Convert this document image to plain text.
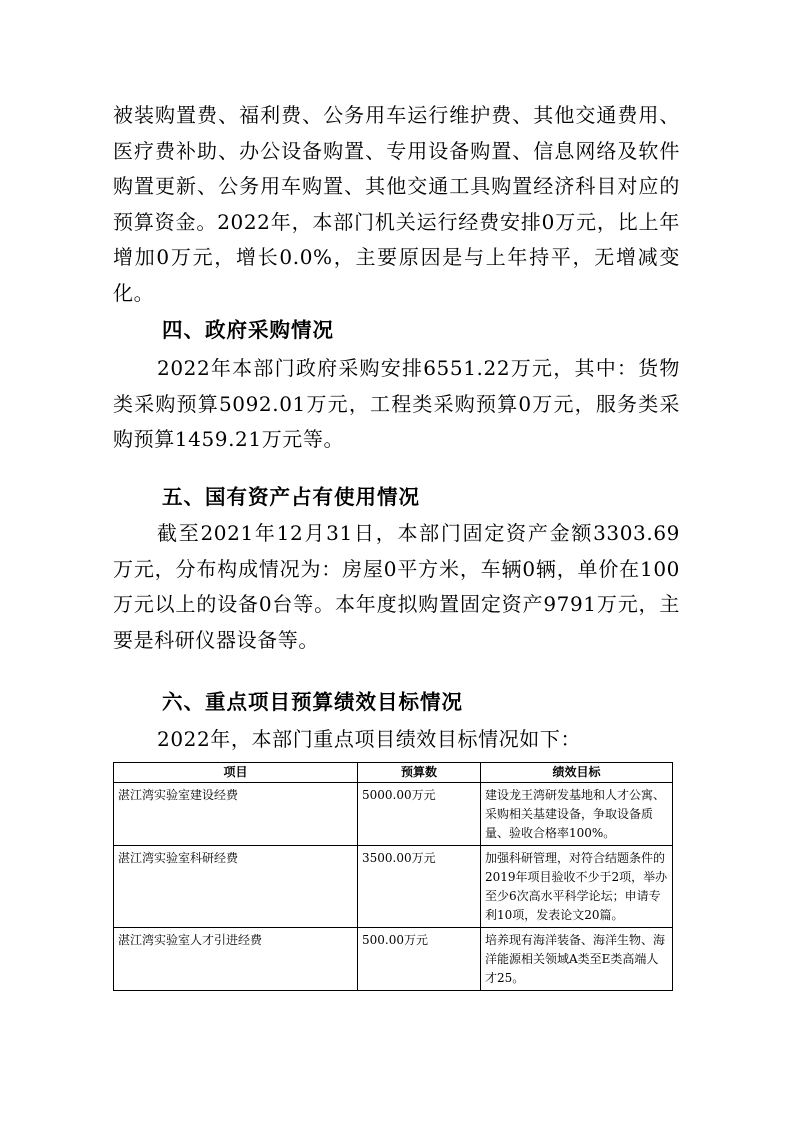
被装购置费、福利费、公务用车运行维护费、其他交通费用、医疗费补助、办公设备购置、专用设备购置、信息网络及软件购置更新、公务用车购置、其他交通工具购置经济科目对应的预算资金。2022年，本部门机关运行经费安排0万元，比上年增加0万元，增长0.0%，主要原因是与上年持平，无增减变化。

四、政府采购情况

2022年本部门政府采购安排6551.22万元，其中：货物类采购预算5092.01万元，工程类采购预算0万元，服务类采购预算1459.21万元等。

五、国有资产占有使用情况

截至2021年12月31日，本部门固定资产金额3303.69万元，分布构成情况为：房屋0平方米，车辆0辆，单价在100万元以上的设备0台等。本年度拟购置固定资产9791万元，主要是科研仪器设备等。

六、重点项目预算绩效目标情况

2022年，本部门重点项目绩效目标情况如下：

项目	预算数	绩效目标
湛江湾实验室建设经费	5000.00万元	建设龙王湾研发基地和人才公寓、采购相关基建设备，争取设备质量、验收合格率100%。
湛江湾实验室科研经费	3500.00万元	加强科研管理，对符合结题条件的2019年项目验收不少于2项，举办至少6次高水平科学论坛；申请专利10项，发表论文20篇。
湛江湾实验室人才引进经费	500.00万元	培养现有海洋装备、海洋生物、海洋能源相关领域A类至E类高端人才25。
